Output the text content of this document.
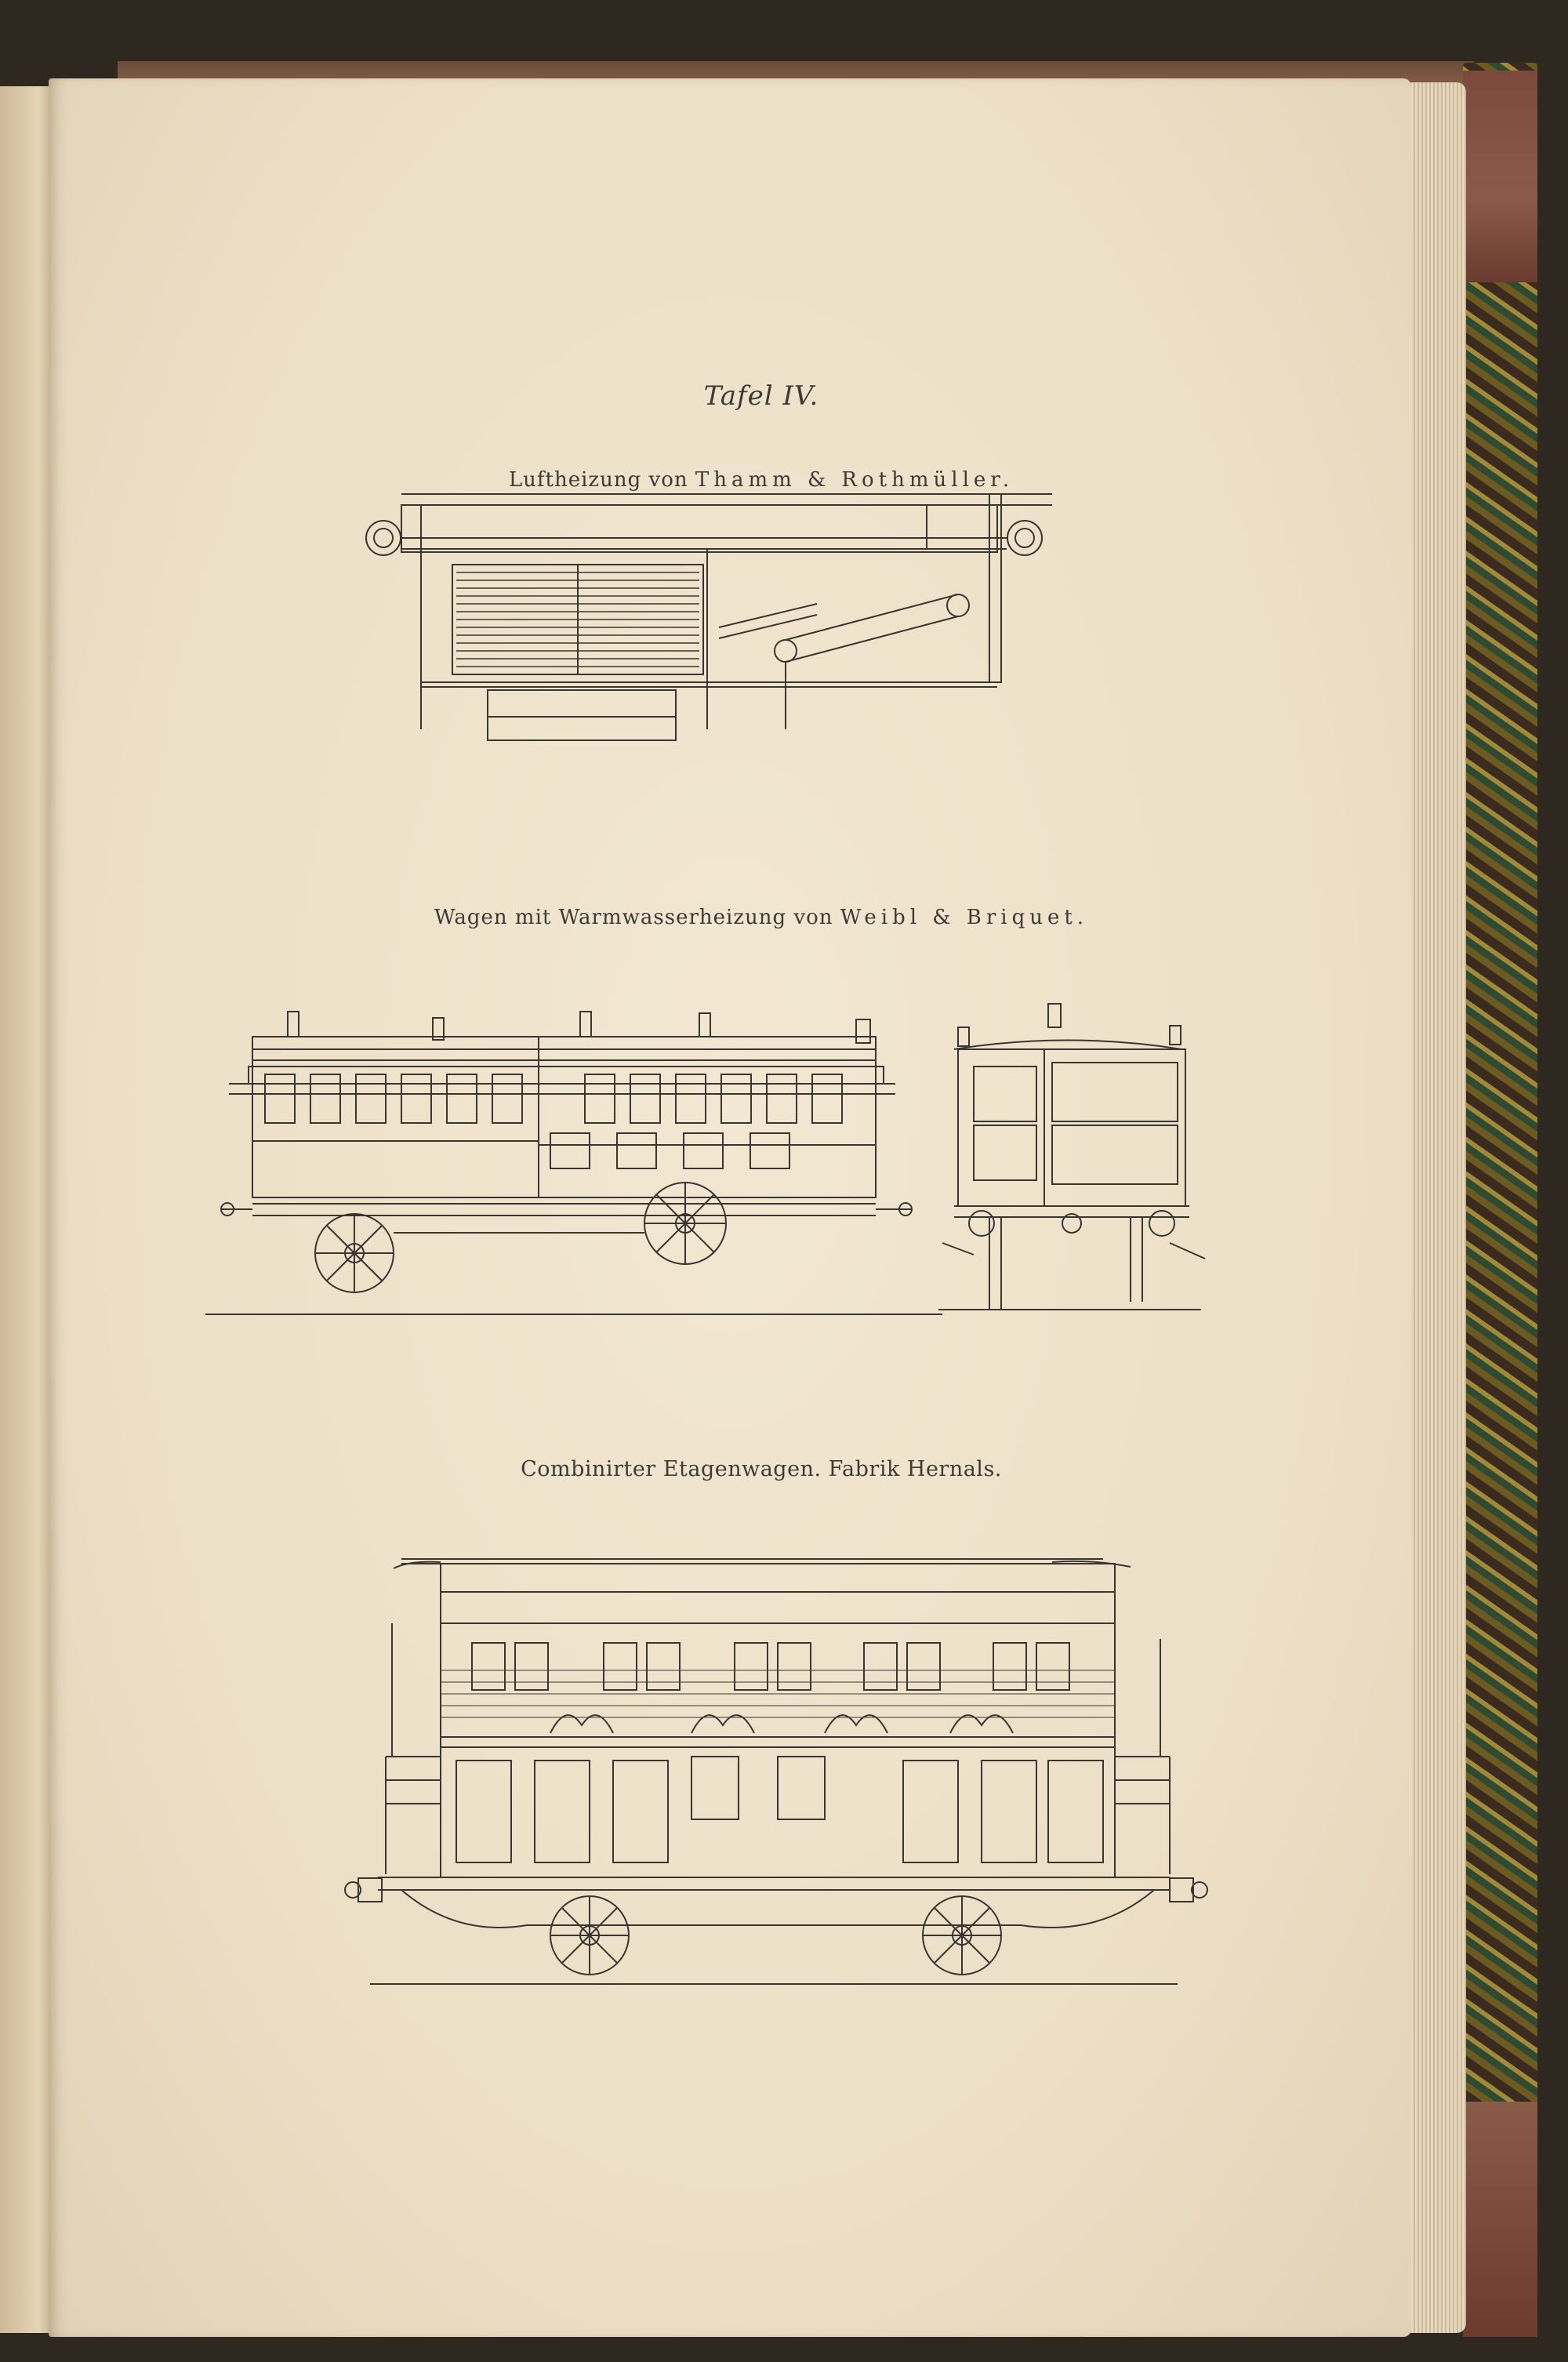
Tafel IV.
Luftheizung von Thamm & Rothmüller.
Wagen mit Warmwasserheizung von Weibl & Briquet.
Combinirter Etagenwagen. Fabrik Hernals.
